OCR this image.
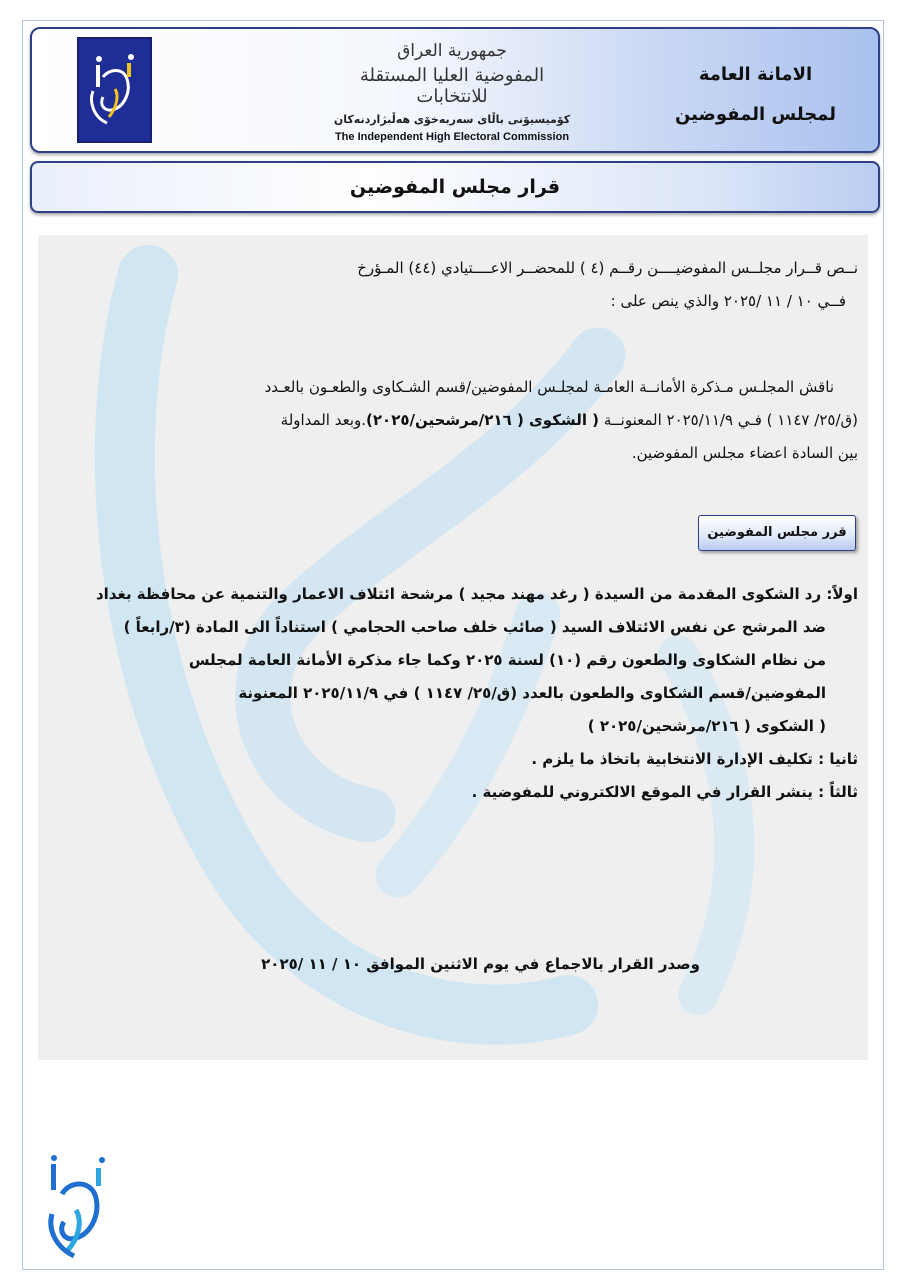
جمهورية العراق
المفوضية العليا المستقلة للانتخابات
كۆمیسیۆنی باڵای سەربەخۆی هەڵبژاردنەکان
The Independent High Electoral Commission
الامانة العامة
لمجلس المفوضين
قرار مجلس المفوضين
نــص قــرار مجلــس المفوضيــــن رقــم (٤ ) للمحضــر الاعــــتيادي (٤٤) المـؤرخ
فــي ١٠ / ١١ /٢٠٢٥ والذي ينص على :
ناقش المجلـس مـذكرة الأمانــة العامـة لمجلـس المفوضين/قسم الشـكاوى والطعـون بالعـدد
(ق/٢٥/ ١١٤٧ ) فـي ٢٠٢٥/١١/٩ المعنونــة ( الشكوى ( ٢١٦/مرشحين/٢٠٢٥).وبعد المداولة
بين السادة اعضاء مجلس المفوضين.
قرر مجلس المفوضين
اولاً: رد الشكوى المقدمة من السيدة ( رغد مهند مجيد ) مرشحة ائتلاف الاعمار والتنمية عن محافظة بغداد
ضد المرشح عن نفس الائتلاف السيد ( صائب خلف صاحب الحجامي ) استناداً الى المادة (٣/رابعاً )
من نظام الشكاوى والطعون رقم (١٠) لسنة ٢٠٢٥ وكما جاء مذكرة الأمانة العامة لمجلس
المفوضين/قسم الشكاوى والطعون بالعدد (ق/٢٥/ ١١٤٧ ) في ٢٠٢٥/١١/٩ المعنونة
( الشكوى ( ٢١٦/مرشحين/٢٠٢٥ )
ثانيا : تكليف الإدارة الانتخابية باتخاذ ما يلزم .
ثالثاً : ينشر القرار في الموقع الالكتروني للمفوضية .
وصدر القرار بالاجماع في يوم الاثنين الموافق ١٠ / ١١ /٢٠٢٥
